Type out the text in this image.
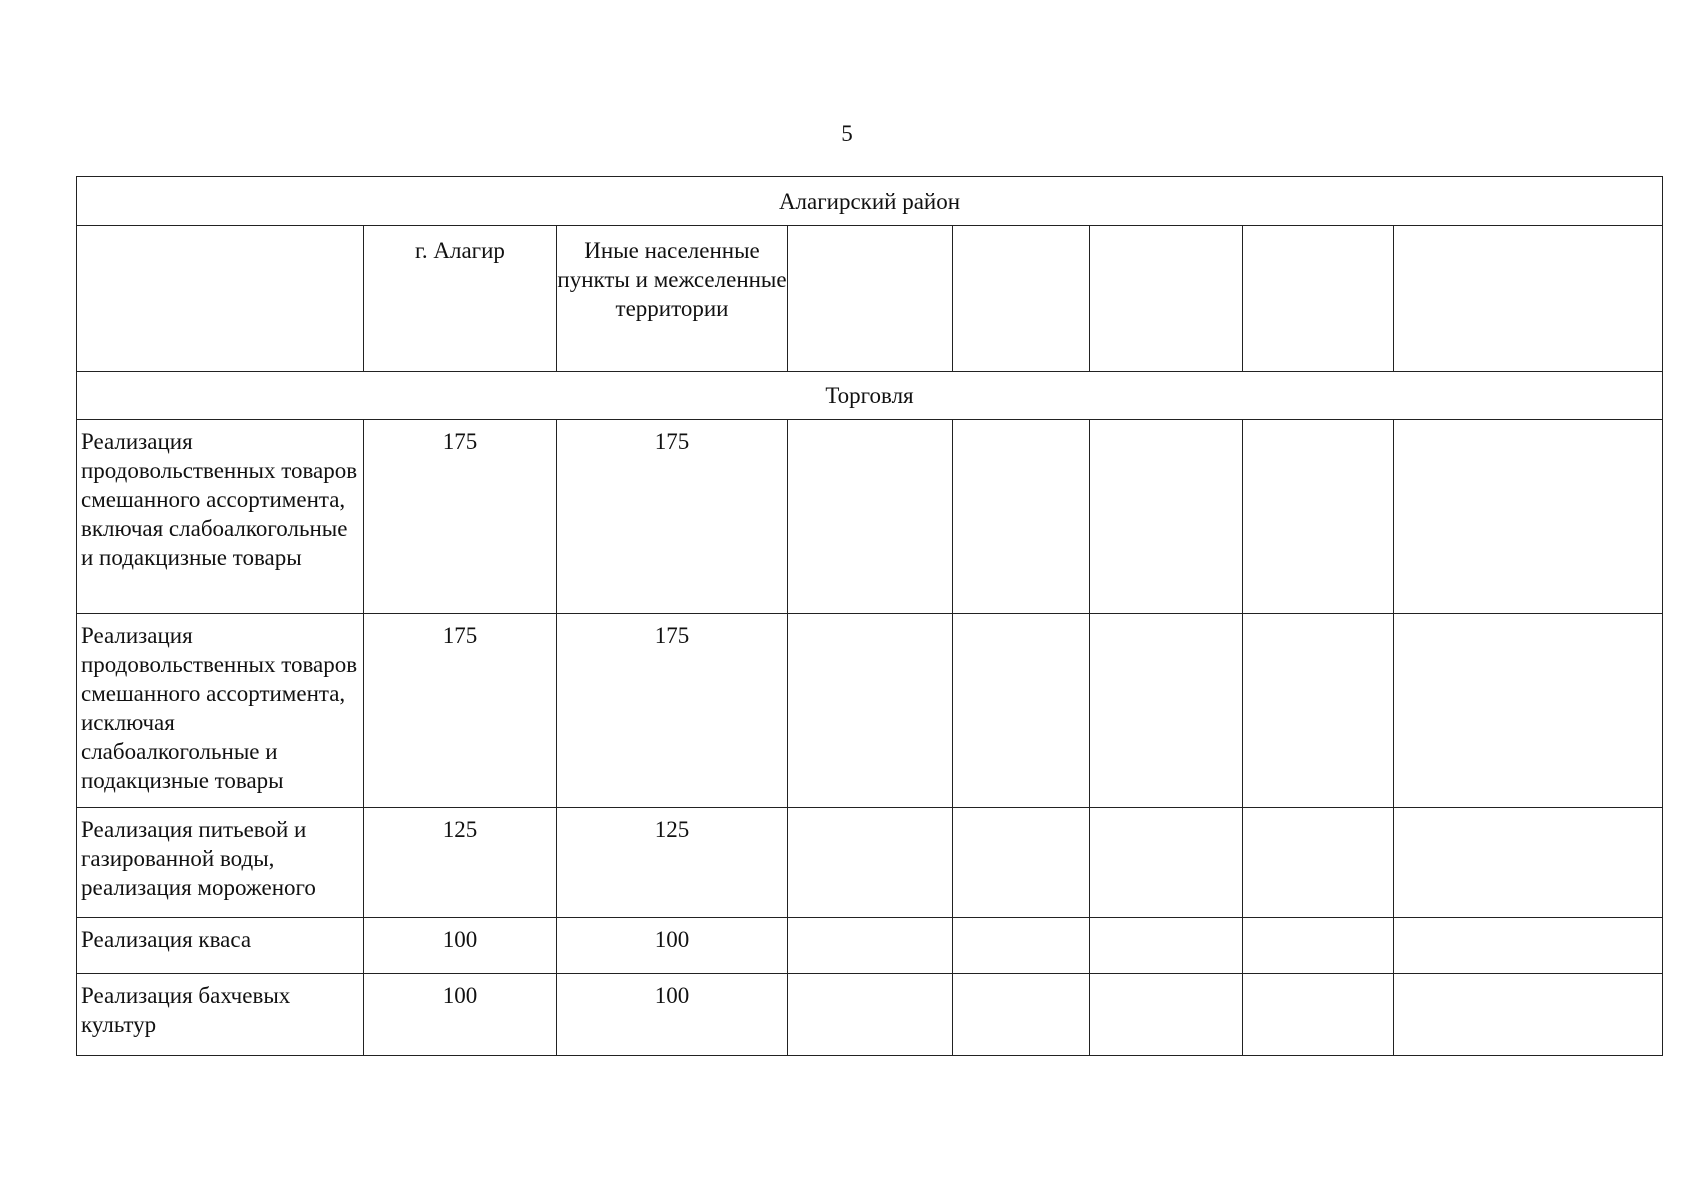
5
Алагирский район							
	г. Алагир	Иные населенные пункты и межселенные территории					
Торговля							
Реализация продовольственных товаров смешанного ассортимента, включая слабоалкогольные и подакцизные товары	175	175					
Реализация продовольственных товаров смешанного ассортимента, исключая слабоалкогольные и подакцизные товары	175	175					
Реализация питьевой и газированной воды, реализация мороженого	125	125					
Реализация кваса	100	100					
Реализация бахчевых культур	100	100					
